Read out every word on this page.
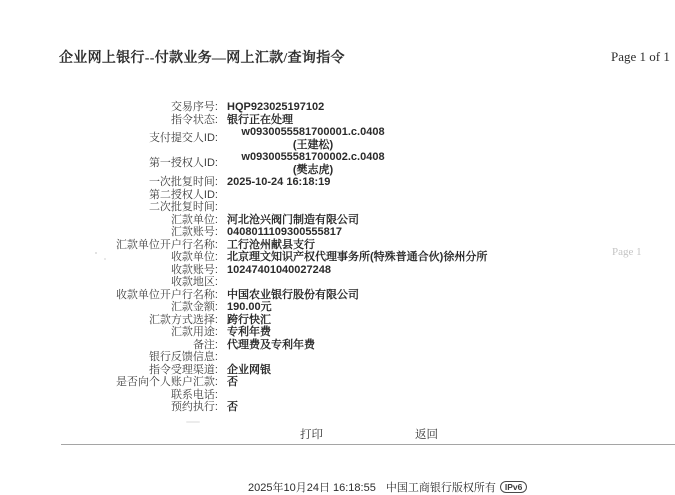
企业网上银行--付款业务—网上汇款/查询指令	Page 1 of 1
交易序号: HQP923025197102
指令状态: 银行正在处理
支付提交人ID:
w0930055581700001.c.0408
(王建松)
第一授权人ID:
w0930055581700002.c.0408
(樊志虎)
一次批复时间: 2025-10-24 16:18:19
第二授权人ID:
二次批复时间:
汇款单位: 河北沧兴阀门制造有限公司
汇款账号: 0408011109300555817
汇款单位开户行名称: 工行沧州献县支行
收款单位: 北京理文知识产权代理事务所(特殊普通合伙)徐州分所
收款账号: 10247401040027248
收款地区:
收款单位开户行名称: 中国农业银行股份有限公司
汇款金额: 190.00元
汇款方式选择: 跨行快汇
汇款用途: 专利年费
备注: 代理费及专利年费
银行反馈信息:
指令受理渠道: 企业网银
是否向个人账户汇款: 否
联系电话:
预约执行: 否
打印	返回
Page 1
2025年10月24日 16:18:55 中国工商银行版权所有 IPv6
